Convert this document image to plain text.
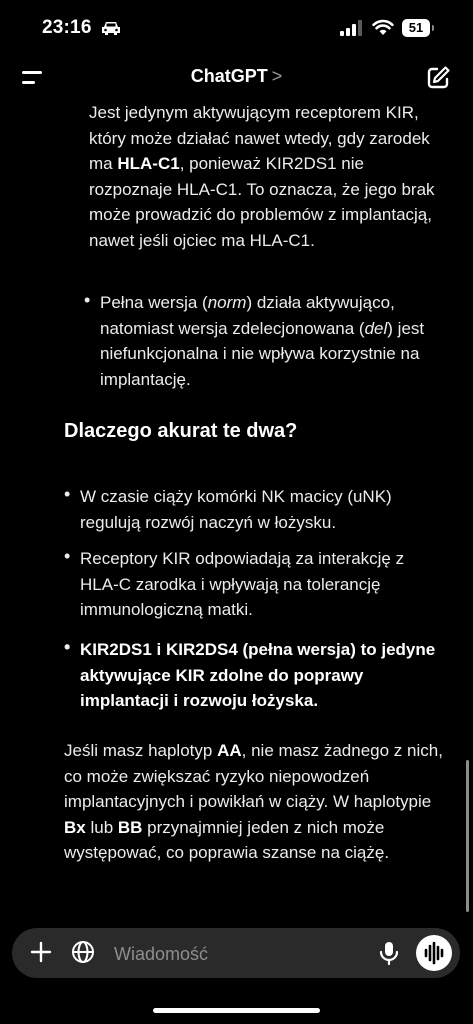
23:16	51
ChatGPT >

Jest jedynym aktywującym receptorem KIR, który może działać nawet wtedy, gdy zarodek ma HLA-C1, ponieważ KIR2DS1 nie rozpoznaje HLA-C1. To oznacza, że jego brak może prowadzić do problemów z implantacją, nawet jeśli ojciec ma HLA-C1.

• Pełna wersja (norm) działa aktywująco, natomiast wersja zdelecjonowana (del) jest niefunkcjonalna i nie wpływa korzystnie na implantację.

Dlaczego akurat te dwa?
• W czasie ciąży komórki NK macicy (uNK) regulują rozwój naczyń w łożysku.

• Receptory KIR odpowiadają za interakcję z HLA-C zarodka i wpływają na tolerancję immunologiczną matki.

• KIR2DS1 i KIR2DS4 (pełna wersja) to jedyne aktywujące KIR zdolne do poprawy implantacji i rozwoju łożyska.

Jeśli masz haplotyp AA, nie masz żadnego z nich, co może zwiększać ryzyko niepowodzeń implantacyjnych i powikłań w ciąży. W haplotypie Bx lub BB przynajmniej jeden z nich może występować, co poprawia szanse na ciążę.

Wiadomość
